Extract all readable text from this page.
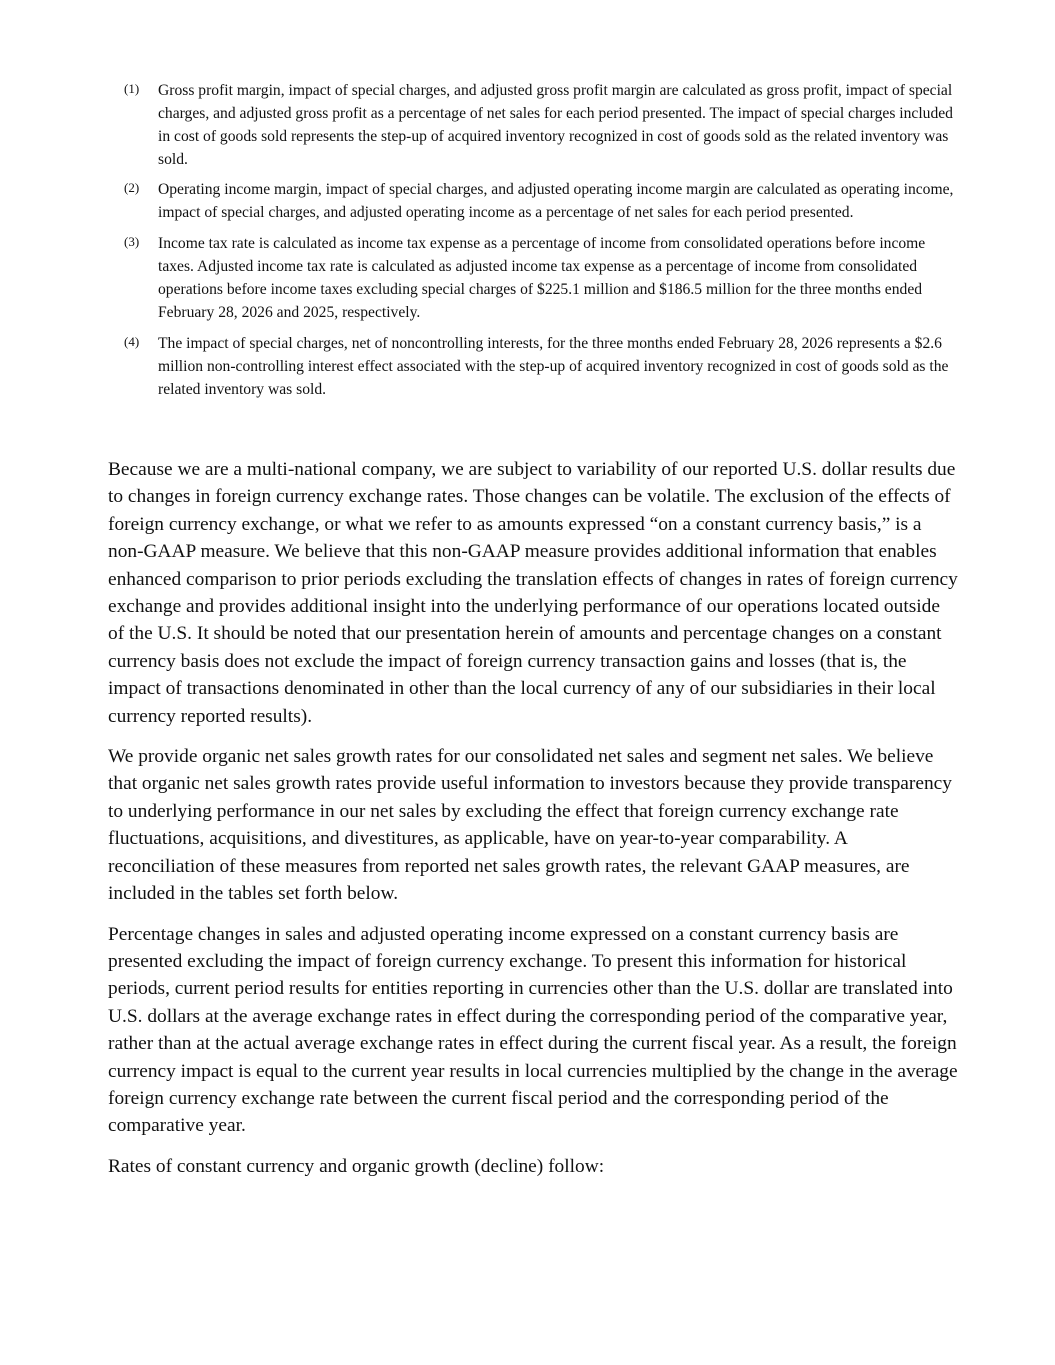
(1)	Gross profit margin, impact of special charges, and adjusted gross profit margin are calculated as gross profit, impact of special charges, and adjusted gross profit as a percentage of net sales for each period presented. The impact of special charges included in cost of goods sold represents the step-up of acquired inventory recognized in cost of goods sold as the related inventory was sold.
(2)	Operating income margin, impact of special charges, and adjusted operating income margin are calculated as operating income, impact of special charges, and adjusted operating income as a percentage of net sales for each period presented.
(3)	Income tax rate is calculated as income tax expense as a percentage of income from consolidated operations before income taxes. Adjusted income tax rate is calculated as adjusted income tax expense as a percentage of income from consolidated operations before income taxes excluding special charges of $225.1 million and $186.5 million for the three months ended February 28, 2026 and 2025, respectively.
(4)	The impact of special charges, net of noncontrolling interests, for the three months ended February 28, 2026 represents a $2.6 million non-controlling interest effect associated with the step-up of acquired inventory recognized in cost of goods sold as the related inventory was sold.

Because we are a multi-national company, we are subject to variability of our reported U.S. dollar results due to changes in foreign currency exchange rates. Those changes can be volatile. The exclusion of the effects of foreign currency exchange, or what we refer to as amounts expressed “on a constant currency basis,” is a non-GAAP measure. We believe that this non-GAAP measure provides additional information that enables enhanced comparison to prior periods excluding the translation effects of changes in rates of foreign currency exchange and provides additional insight into the underlying performance of our operations located outside of the U.S. It should be noted that our presentation herein of amounts and percentage changes on a constant currency basis does not exclude the impact of foreign currency transaction gains and losses (that is, the impact of transactions denominated in other than the local currency of any of our subsidiaries in their local currency reported results).

We provide organic net sales growth rates for our consolidated net sales and segment net sales. We believe that organic net sales growth rates provide useful information to investors because they provide transparency to underlying performance in our net sales by excluding the effect that foreign currency exchange rate fluctuations, acquisitions, and divestitures, as applicable, have on year-to-year comparability. A reconciliation of these measures from reported net sales growth rates, the relevant GAAP measures, are included in the tables set forth below.

Percentage changes in sales and adjusted operating income expressed on a constant currency basis are presented excluding the impact of foreign currency exchange. To present this information for historical periods, current period results for entities reporting in currencies other than the U.S. dollar are translated into U.S. dollars at the average exchange rates in effect during the corresponding period of the comparative year, rather than at the actual average exchange rates in effect during the current fiscal year. As a result, the foreign currency impact is equal to the current year results in local currencies multiplied by the change in the average foreign currency exchange rate between the current fiscal period and the corresponding period of the comparative year.

Rates of constant currency and organic growth (decline) follow:
